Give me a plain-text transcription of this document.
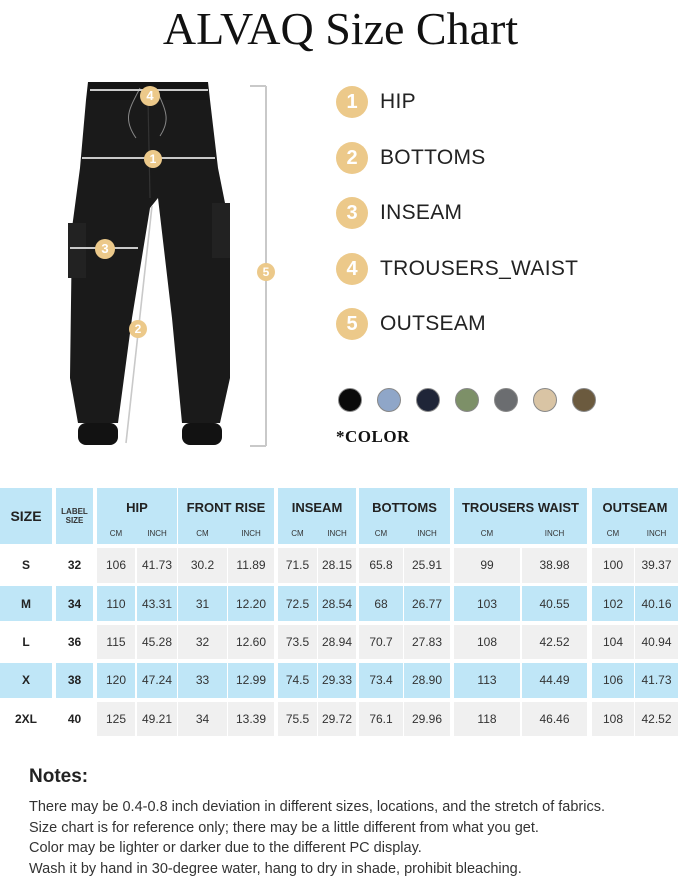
ALVAQ Size Chart
4
1
3
2
5
1	HIP
2	BOTTOMS
3	INSEAM
4	TROUSERS_WAIST
5	OUTSEAM
*COLOR
SIZE	LABEL SIZE
HIP
CM	INCH
FRONT RISE
CM	INCH
INSEAM
CM	INCH
BOTTOMS
CM	INCH
TROUSERS WAIST
CM	INCH
OUTSEAM
CM	INCH
S	32	106	41.73	30.2	11.89	71.5	28.15	65.8	25.91	99	38.98	100	39.37
M	34	110	43.31	31	12.20	72.5	28.54	68	26.77	103	40.55	102	40.16
L	36	115	45.28	32	12.60	73.5	28.94	70.7	27.83	108	42.52	104	40.94
X	38	120	47.24	33	12.99	74.5	29.33	73.4	28.90	113	44.49	106	41.73
2XL	40	125	49.21	34	13.39	75.5	29.72	76.1	29.96	118	46.46	108	42.52
Notes:
There may be 0.4-0.8 inch deviation in different sizes, locations, and the stretch of fabrics.
Size chart is for reference only; there may be a little different from what you get.
Color may be lighter or darker due to the different PC display.
Wash it by hand in 30-degree water, hang to dry in shade, prohibit bleaching.
